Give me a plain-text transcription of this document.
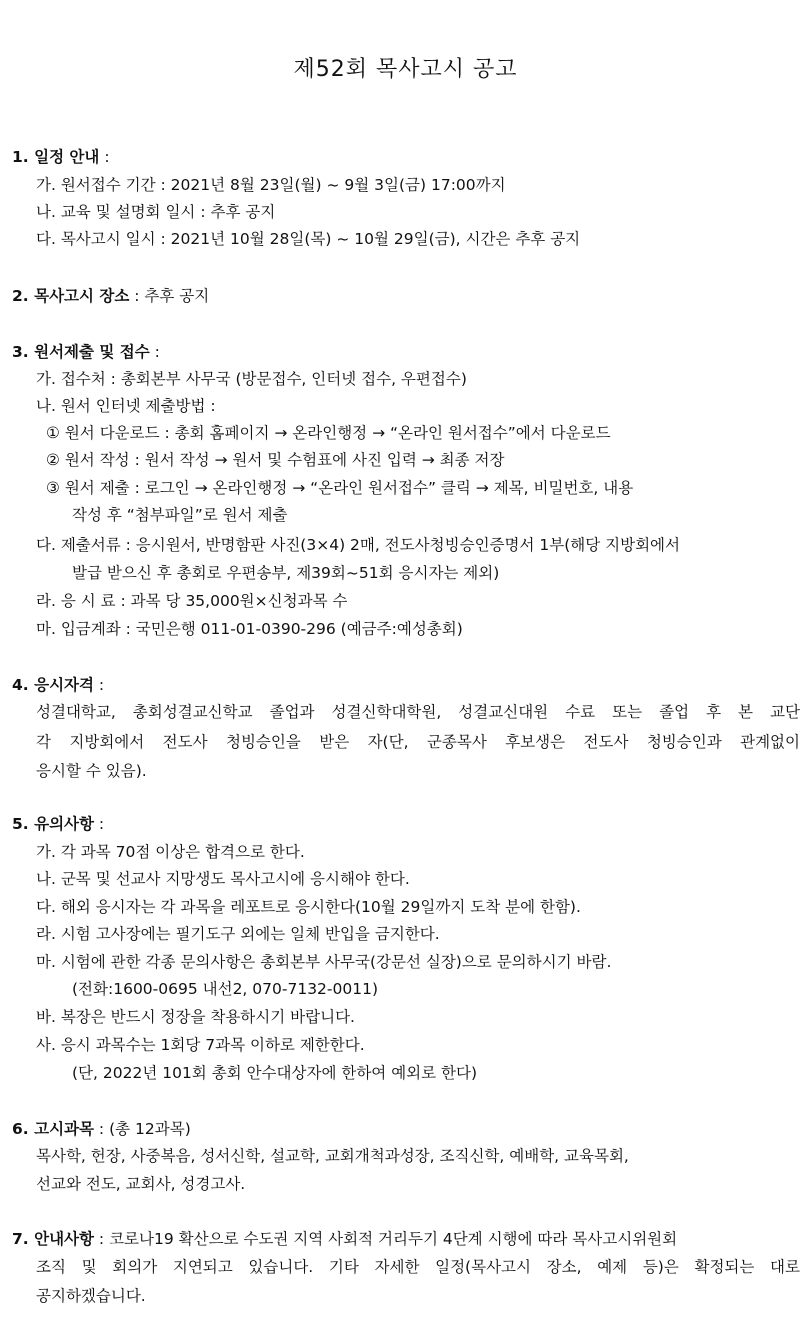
제52회 목사고시 공고
1. 일정 안내 :
가. 원서접수 기간 : 2021년 8월 23일(월) ~ 9월 3일(금) 17:00까지
나. 교육 및 설명회 일시 : 추후 공지
다. 목사고시 일시 : 2021년 10월 28일(목) ~ 10월 29일(금), 시간은 추후 공지
2. 목사고시 장소 : 추후 공지
3. 원서제출 및 접수 :
가. 접수처 : 총회본부 사무국 (방문접수, 인터넷 접수, 우편접수)
나. 원서 인터넷 제출방법 :
① 원서 다운로드 : 총회 홈페이지 → 온라인행정 → “온라인 원서접수”에서 다운로드
② 원서 작성 : 원서 작성 → 원서 및 수험표에 사진 입력 → 최종 저장
③ 원서 제출 : 로그인 → 온라인행정 → “온라인 원서접수” 클릭 → 제목, 비밀번호, 내용
작성 후 “첨부파일”로 원서 제출
다. 제출서류 : 응시원서, 반명함판 사진(3×4) 2매, 전도사청빙승인증명서 1부(해당 지방회에서
발급 받으신 후 총회로 우편송부, 제39회~51회 응시자는 제외)
라. 응 시 료 : 과목 당 35,000원×신청과목 수
마. 입금계좌 : 국민은행 011-01-0390-296 (예금주:예성총회)
4. 응시자격 :
성결대학교, 총회성결교신학교 졸업과 성결신학대학원, 성결교신대원 수료 또는 졸업 후 본 교단
각 지방회에서 전도사 청빙승인을 받은 자(단, 군종목사 후보생은 전도사 청빙승인과 관계없이
응시할 수 있음).
5. 유의사항 :
가. 각 과목 70점 이상은 합격으로 한다.
나. 군목 및 선교사 지망생도 목사고시에 응시해야 한다.
다. 해외 응시자는 각 과목을 레포트로 응시한다(10월 29일까지 도착 분에 한함).
라. 시험 고사장에는 필기도구 외에는 일체 반입을 금지한다.
마. 시험에 관한 각종 문의사항은 총회본부 사무국(강문선 실장)으로 문의하시기 바람.
(전화:1600-0695 내선2, 070-7132-0011)
바. 복장은 반드시 정장을 착용하시기 바랍니다.
사. 응시 과목수는 1회당 7과목 이하로 제한한다.
(단, 2022년 101회 총회 안수대상자에 한하여 예외로 한다)
6. 고시과목 : (총 12과목)
목사학, 헌장, 사중복음, 성서신학, 설교학, 교회개척과성장, 조직신학, 예배학, 교육목회,
선교와 전도, 교회사, 성경고사.
7. 안내사항 : 코로나19 확산으로 수도권 지역 사회적 거리두기 4단계 시행에 따라 목사고시위원회
조직 및 회의가 지연되고 있습니다. 기타 자세한 일정(목사고시 장소, 예제 등)은 확정되는 대로
공지하겠습니다.
